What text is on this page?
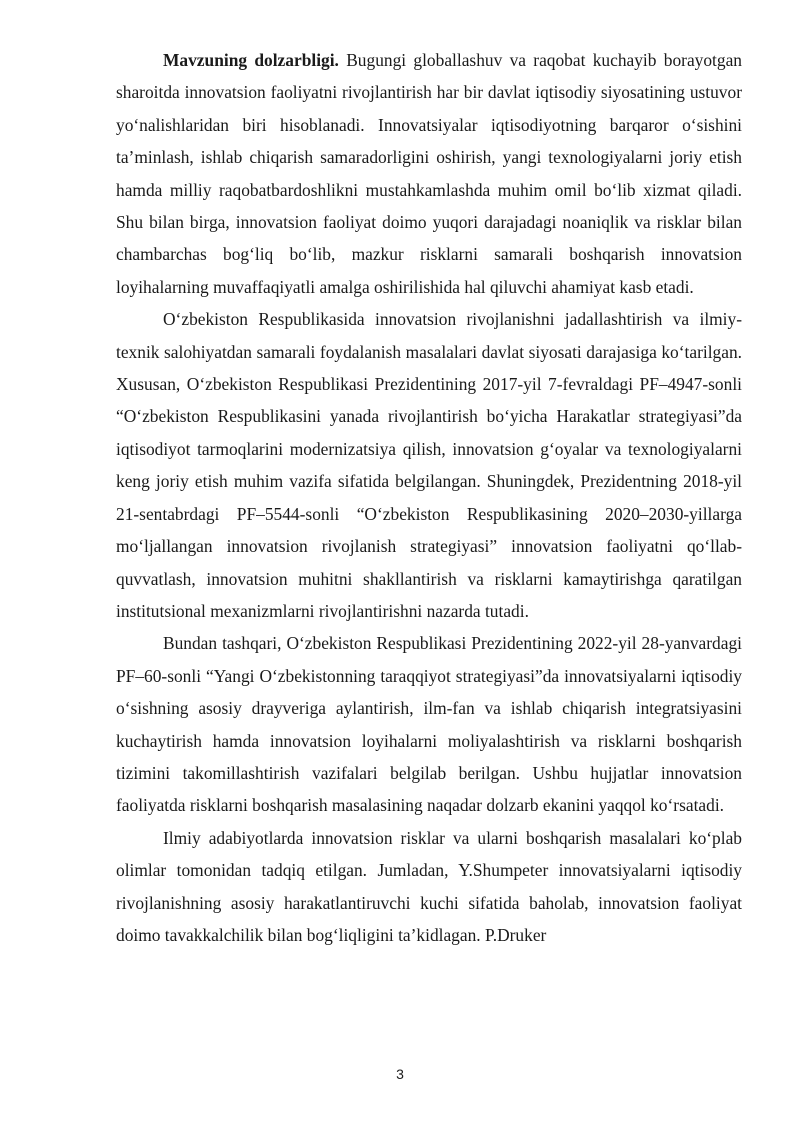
Mavzuning dolzarbligi. Bugungi globallashuv va raqobat kuchayib borayotgan sharoitda innovatsion faoliyatni rivojlantirish har bir davlat iqtisodiy siyosatining ustuvor yo‘nalishlaridan biri hisoblanadi. Innovatsiyalar iqtisodiyotning barqaror o‘sishini ta’minlash, ishlab chiqarish samaradorligini oshirish, yangi texnologiyalarni joriy etish hamda milliy raqobatbardoshlikni mustahkamlashda muhim omil bo‘lib xizmat qiladi. Shu bilan birga, innovatsion faoliyat doimo yuqori darajadagi noaniqlik va risklar bilan chambarchas bog‘liq bo‘lib, mazkur risklarni samarali boshqarish innovatsion loyihalarning muvaffaqiyatli amalga oshirilishida hal qiluvchi ahamiyat kasb etadi.

O‘zbekiston Respublikasida innovatsion rivojlanishni jadallashtirish va ilmiy-texnik salohiyatdan samarali foydalanish masalalari davlat siyosati darajasiga ko‘tarilgan. Xususan, O‘zbekiston Respublikasi Prezidentining 2017-yil 7-fevraldagi PF–4947-sonli “O‘zbekiston Respublikasini yanada rivojlantirish bo‘yicha Harakatlar strategiyasi”da iqtisodiyot tarmoqlarini modernizatsiya qilish, innovatsion g‘oyalar va texnologiyalarni keng joriy etish muhim vazifa sifatida belgilangan. Shuningdek, Prezidentning 2018-yil 21-sentabrdagi PF–5544-sonli “O‘zbekiston Respublikasining 2020–2030-yillarga mo‘ljallangan innovatsion rivojlanish strategiyasi” innovatsion faoliyatni qo‘llab-quvvatlash, innovatsion muhitni shakllantirish va risklarni kamaytirishga qaratilgan institutsional mexanizmlarni rivojlantirishni nazarda tutadi.

Bundan tashqari, O‘zbekiston Respublikasi Prezidentining 2022-yil 28-yanvardagi PF–60-sonli “Yangi O‘zbekistonning taraqqiyot strategiyasi”da innovatsiyalarni iqtisodiy o‘sishning asosiy drayveriga aylantirish, ilm-fan va ishlab chiqarish integratsiyasini kuchaytirish hamda innovatsion loyihalarni moliyalashtirish va risklarni boshqarish tizimini takomillashtirish vazifalari belgilab berilgan. Ushbu hujjatlar innovatsion faoliyatda risklarni boshqarish masalasining naqadar dolzarb ekanini yaqqol ko‘rsatadi.

Ilmiy adabiyotlarda innovatsion risklar va ularni boshqarish masalalari ko‘plab olimlar tomonidan tadqiq etilgan. Jumladan, Y.Shumpeter innovatsiyalarni iqtisodiy rivojlanishning asosiy harakatlantiruvchi kuchi sifatida baholab, innovatsion faoliyat doimo tavakkalchilik bilan bog‘liqligini ta’kidlagan. P.Druker

3
